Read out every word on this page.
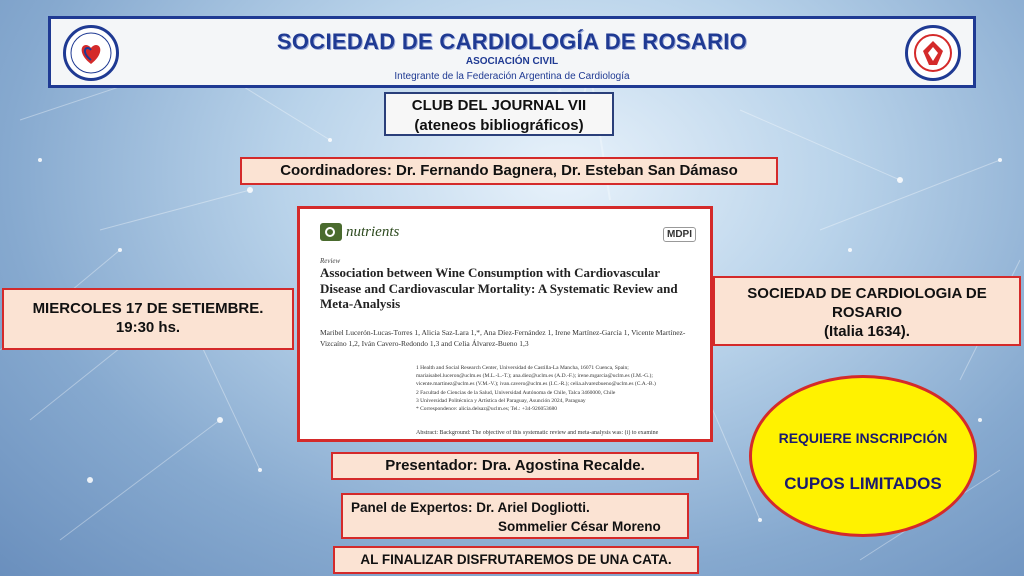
SOCIEDAD DE CARDIOLOGÍA DE ROSARIO
ASOCIACIÓN CIVIL
Integrante de la Federación Argentina de Cardiología
CLUB DEL JOURNAL VII
(ateneos bibliográficos)
Coordinadores: Dr. Fernando Bagnera, Dr. Esteban San Dámaso
MIERCOLES 17 DE SETIEMBRE.
19:30 hs.
nutrients	MDPI
Review
Association between Wine Consumption with Cardiovascular Disease and Cardiovascular Mortality: A Systematic Review and Meta-Analysis
Maribel Lucerón-Lucas-Torres 1, Alicia Saz-Lara 1,*, Ana Díez-Fernández 1, Irene Martínez-García 1, Vicente Martínez-Vizcaíno 1,2, Iván Cavero-Redondo 1,3 and Celia Álvarez-Bueno 1,3
1 Health and Social Research Center, Universidad de Castilla-La Mancha, 16071 Cuenca, Spain;
mariaisabel.luceron@uclm.es (M.L.-L.-T.); ana.diez@uclm.es (A.D.-F.); irene.mgarcia@uclm.es (I.M.-G.);
vicente.martinez@uclm.es (V.M.-V.); ivan.cavero@uclm.es (I.C.-R.); celia.alvarezbueno@uclm.es (C.A.-B.)
2 Facultad de Ciencias de la Salud, Universidad Autónoma de Chile, Talca 3460000, Chile
3 Universidad Politécnica y Artística del Paraguay, Asunción 2024, Paraguay
* Correspondence: alicia.delsaz@uclm.es; Tel.: +34-926053680
Abstract: Background: The objective of this systematic review and meta-analysis was: (i) to examine
SOCIEDAD DE CARDIOLOGIA DE
ROSARIO
(Italia 1634).
REQUIERE INSCRIPCIÓN
CUPOS LIMITADOS
Presentador: Dra. Agostina Recalde.
Panel de Expertos: Dr. Ariel Dogliotti.
Sommelier César Moreno
AL FINALIZAR DISFRUTAREMOS DE UNA CATA.
